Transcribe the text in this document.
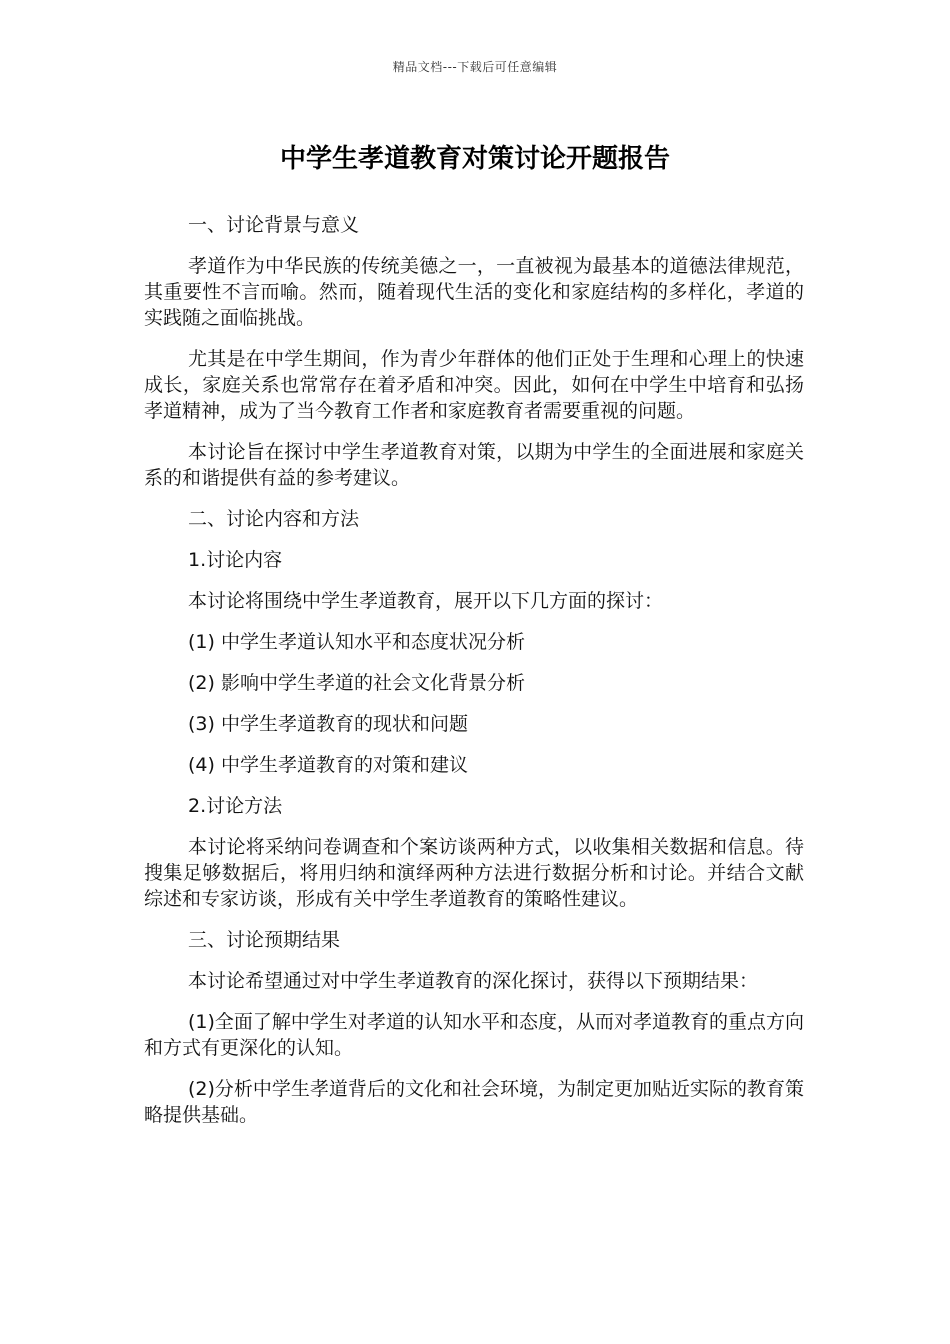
精品文档---下载后可任意编辑
中学生孝道教育对策讨论开题报告

一、讨论背景与意义

孝道作为中华民族的传统美德之一，一直被视为最基本的道德法律规范，其重要性不言而喻。然而，随着现代生活的变化和家庭结构的多样化，孝道的实践随之面临挑战。

尤其是在中学生期间，作为青少年群体的他们正处于生理和心理上的快速成长，家庭关系也常常存在着矛盾和冲突。因此，如何在中学生中培育和弘扬孝道精神，成为了当今教育工作者和家庭教育者需要重视的问题。

本讨论旨在探讨中学生孝道教育对策，以期为中学生的全面进展和家庭关系的和谐提供有益的参考建议。

二、讨论内容和方法

1.讨论内容

本讨论将围绕中学生孝道教育，展开以下几方面的探讨：

(1) 中学生孝道认知水平和态度状况分析

(2) 影响中学生孝道的社会文化背景分析

(3) 中学生孝道教育的现状和问题

(4) 中学生孝道教育的对策和建议

2.讨论方法

本讨论将采纳问卷调查和个案访谈两种方式，以收集相关数据和信息。待搜集足够数据后，将用归纳和演绎两种方法进行数据分析和讨论。并结合文献综述和专家访谈，形成有关中学生孝道教育的策略性建议。

三、讨论预期结果

本讨论希望通过对中学生孝道教育的深化探讨，获得以下预期结果：

(1)全面了解中学生对孝道的认知水平和态度，从而对孝道教育的重点方向和方式有更深化的认知。

(2)分析中学生孝道背后的文化和社会环境，为制定更加贴近实际的教育策略提供基础。
